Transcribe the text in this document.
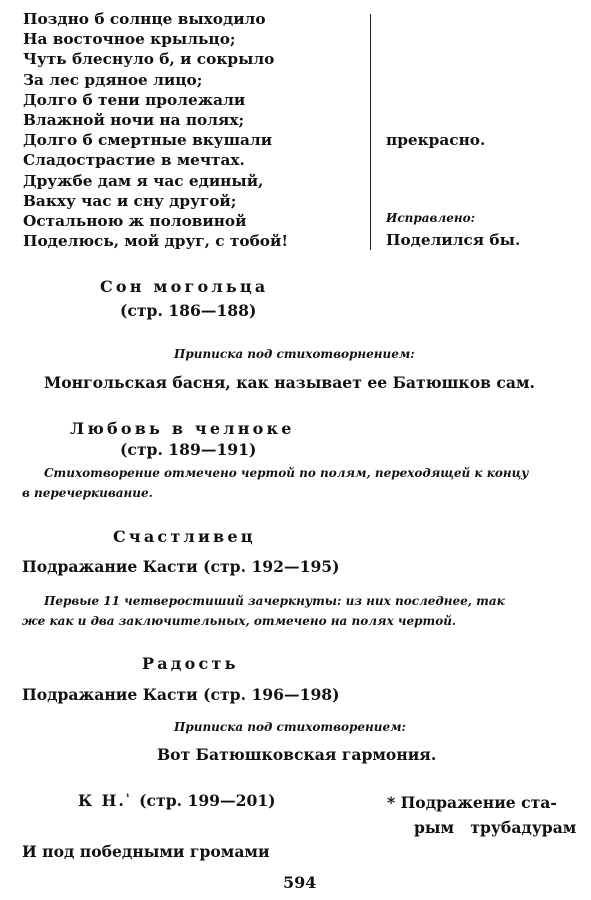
Поздно б солнце выходило
На восточное крыльцо;
Чуть блеснуло б, и сокрыло
За лес рдяное лицо;
Долго б тени пролежали
Влажной ночи на полях;
Долго б смертные вкушали
Сладострастие в мечтах.
Дружбе дам я час единый,
Вакху час и сну другой;
Остальною ж половиной
Поделюсь, мой друг, с тобой!
прекрасно.
Исправлено:
Поделился бы.
Сон могольца
(стр. 186—188)
Приписка под стихотворнением:
Монгольская басня, как называет ее Батюшков сам.
Любовь в челноке
(стр. 189—191)
Стихотворение отмечено чертой по полям, переходящей к концу
в перечеркивание.
Счастливец
Подражание Касти (стр. 192—195)
Первые 11 четверостиший зачеркнуты: из них последнее, так
же как и два заключительных, отмечено на полях чертой.
Радость
Подражание Касти (стр. 196—198)
Приписка под стихотворением:
Вот Батюшковская гармония.
К Н.$^{^1}$ (стр. 199—201)	* Подражение ста-
рым   трубадурам
И под победными громами
594
